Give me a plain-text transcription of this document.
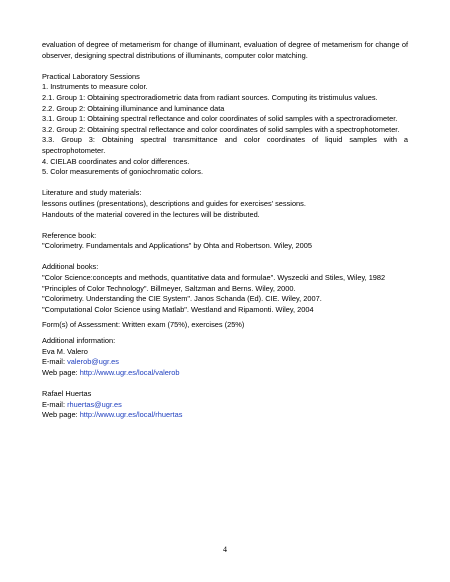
evaluation of degree of metamerism for change of illuminant, evaluation of degree of metamerism for change of observer, designing spectral distributions of illuminants, computer color matching.

Practical Laboratory Sessions

1. Instruments to measure color.

2.1. Group 1: Obtaining spectroradiometric data from radiant sources. Computing its tristimulus values.

2.2. Group 2: Obtaining illuminance and luminance data

3.1. Group 1: Obtaining spectral reflectance and color coordinates of solid samples with a spectroradiometer.

3.2. Group 2: Obtaining spectral reflectance and color coordinates of solid samples with a spectrophotometer.

3.3. Group 3: Obtaining spectral transmittance and color coordinates of liquid samples with a spectrophotometer.

4. CIELAB coordinates and color differences.

5. Color measurements of goniochromatic colors.

Literature and study materials:

lessons outlines (presentations), descriptions and guides for exercises' sessions.

Handouts of the material covered in the lectures will be distributed.

Reference book:

"Colorimetry. Fundamentals and Applications" by Ohta and Robertson. Wiley, 2005

Additional books:

"Color Science:concepts and methods, quantitative data and formulae". Wyszecki and Stiles, Wiley, 1982

"Principles of Color Technology". Billmeyer, Saltzman and Berns. Wiley, 2000.

"Colorimetry. Understanding the CIE System". Janos Schanda (Ed). CIE. Wiley, 2007.

"Computational Color Science using Matlab". Westland and Ripamonti. Wiley, 2004

Form(s) of Assessment: Written exam (75%), exercises (25%)

Additional information:

Eva M. Valero

E-mail: valerob@ugr.es

Web page: http://www.ugr.es/local/valerob

Rafael Huertas

E-mail: rhuertas@ugr.es

Web page: http://www.ugr.es/local/rhuertas

4
